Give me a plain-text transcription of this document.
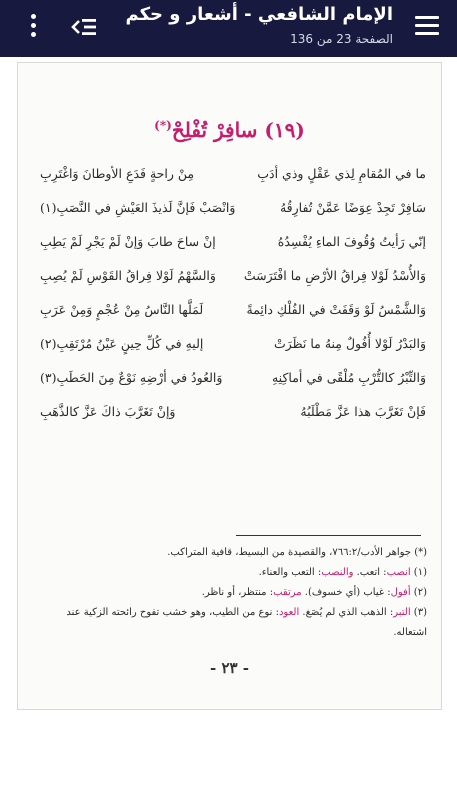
الإمام الشافعي - أشعار و حكم
الصفحة 23 من 136
(١٩) سافِرْ تُفْلِحْ(*)
ما في المُقامِ لِذي عَقْلٍ وذي أدَبِ
مِنْ راحةٍ فَدَعِ الأوطانَ وَاغْتَرِبِ
سَافِرْ تَجِدْ عِوَضًا عَمَّنْ تُفارِقُهُ
وَانْصَبْ فَإنَّ لَذيذَ العَيْشِ في النَّصَبِ(١)
إنّي رَأيتُ وُقُوفَ الماءِ يُفْسِدُهُ
إنْ ساحَ طابَ وَإنْ لَمْ يَجْرِ لَمْ يَطِبِ
وَالأُسْدُ لَوْلا فِراقُ الأرْضِ ما افْتَرَسَتْ
وَالسَّهْمُ لَوْلا فِراقُ القَوْسِ لَمْ يُصِبِ
وَالشَّمْسُ لَوْ وَقَفَتْ في الفُلْكِ دائِمةً
لَمَلَّها النَّاسُ مِنْ عُجْمٍ وَمِنْ عَرَبِ
وَالبَدْرُ لَوْلا أُفُولٌ مِنهُ ما نَظَرَتْ
إليهِ في كُلِّ حِينٍ عَيْنُ مُرْتَقِبِ(٢)
وَالتِّبْرُ كالتُّرْبِ مُلْقًى في أماكِنِهِ
وَالعُودُ في أرْضِهِ نَوْعٌ مِنَ الحَطَبِ(٣)
فَإنْ تَغَرَّبَ هذا عَزَّ مَطْلَبُهُ
وَإنْ تَغَرَّبَ ذاكَ عَزَّ كالذَّهَبِ
(*) جواهر الأدب/٧٦٦:٢، والقصيدة من البسيط، قافية المتراكب.
(١) انصب: اتعب. والنصب: التعب والعناء.
(٢) أفول: غياب (أي خسوف). مرتقب: منتظر، أو ناظر.
(٣) التبر: الذهب الذي لم يُصَغ. العود: نوع من الطيب، وهو خشب تفوح رائحته الزكية عند اشتعاله.
- ٢٣ -
